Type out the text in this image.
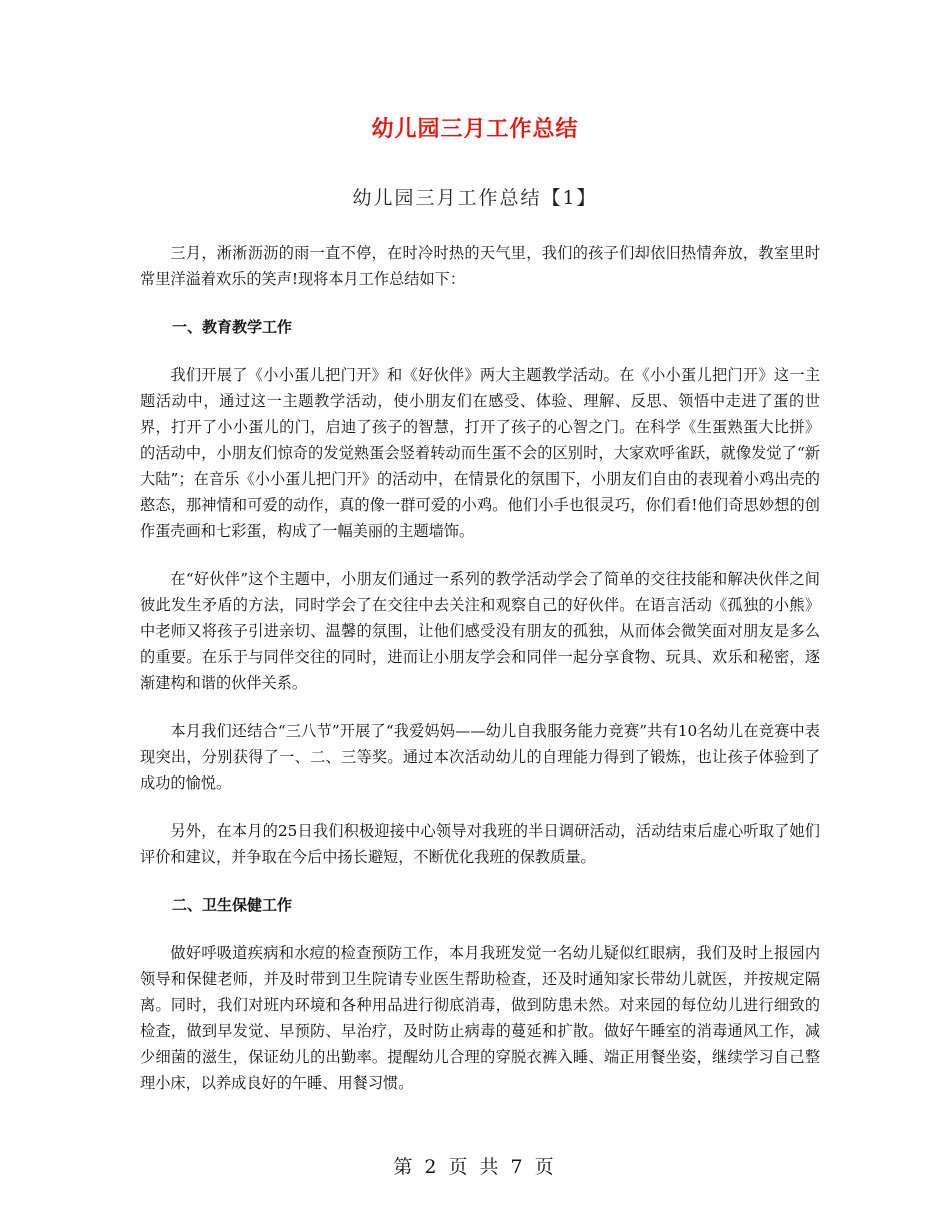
幼儿园三月工作总结
幼儿园三月工作总结【1】

三月，淅淅沥沥的雨一直不停，在时冷时热的天气里，我们的孩子们却依旧热情奔放，教室里时常里洋溢着欢乐的笑声!现将本月工作总结如下：

一、教育教学工作

我们开展了《小小蛋儿把门开》和《好伙伴》两大主题教学活动。在《小小蛋儿把门开》这一主题活动中，通过这一主题教学活动，使小朋友们在感受、体验、理解、反思、领悟中走进了蛋的世界，打开了小小蛋儿的门，启迪了孩子的智慧，打开了孩子的心智之门。在科学《生蛋熟蛋大比拼》的活动中，小朋友们惊奇的发觉熟蛋会竖着转动而生蛋不会的区别时，大家欢呼雀跃，就像发觉了“新大陆”；在音乐《小小蛋儿把门开》的活动中，在情景化的氛围下，小朋友们自由的表现着小鸡出壳的憨态，那神情和可爱的动作，真的像一群可爱的小鸡。他们小手也很灵巧，你们看!他们奇思妙想的创作蛋壳画和七彩蛋，构成了一幅美丽的主题墙饰。

在“好伙伴”这个主题中，小朋友们通过一系列的教学活动学会了简单的交往技能和解决伙伴之间彼此发生矛盾的方法，同时学会了在交往中去关注和观察自己的好伙伴。在语言活动《孤独的小熊》中老师又将孩子引进亲切、温馨的氛围，让他们感受没有朋友的孤独，从而体会微笑面对朋友是多么的重要。在乐于与同伴交往的同时，进而让小朋友学会和同伴一起分享食物、玩具、欢乐和秘密，逐渐建构和谐的伙伴关系。

本月我们还结合“三八节”开展了“我爱妈妈——幼儿自我服务能力竞赛”共有10名幼儿在竞赛中表现突出，分别获得了一、二、三等奖。通过本次活动幼儿的自理能力得到了锻炼，也让孩子体验到了成功的愉悦。

另外，在本月的25日我们积极迎接中心领导对我班的半日调研活动，活动结束后虚心听取了她们评价和建议，并争取在今后中扬长避短，不断优化我班的保教质量。

二、卫生保健工作

做好呼吸道疾病和水痘的检查预防工作，本月我班发觉一名幼儿疑似红眼病，我们及时上报园内领导和保健老师，并及时带到卫生院请专业医生帮助检查，还及时通知家长带幼儿就医，并按规定隔离。同时，我们对班内环境和各种用品进行彻底消毒，做到防患未然。对来园的每位幼儿进行细致的检查，做到早发觉、早预防、早治疗，及时防止病毒的蔓延和扩散。做好午睡室的消毒通风工作，减少细菌的滋生，保证幼儿的出勤率。提醒幼儿合理的穿脱衣裤入睡、端正用餐坐姿，继续学习自己整理小床，以养成良好的午睡、用餐习惯。

第 2 页 共 7 页
